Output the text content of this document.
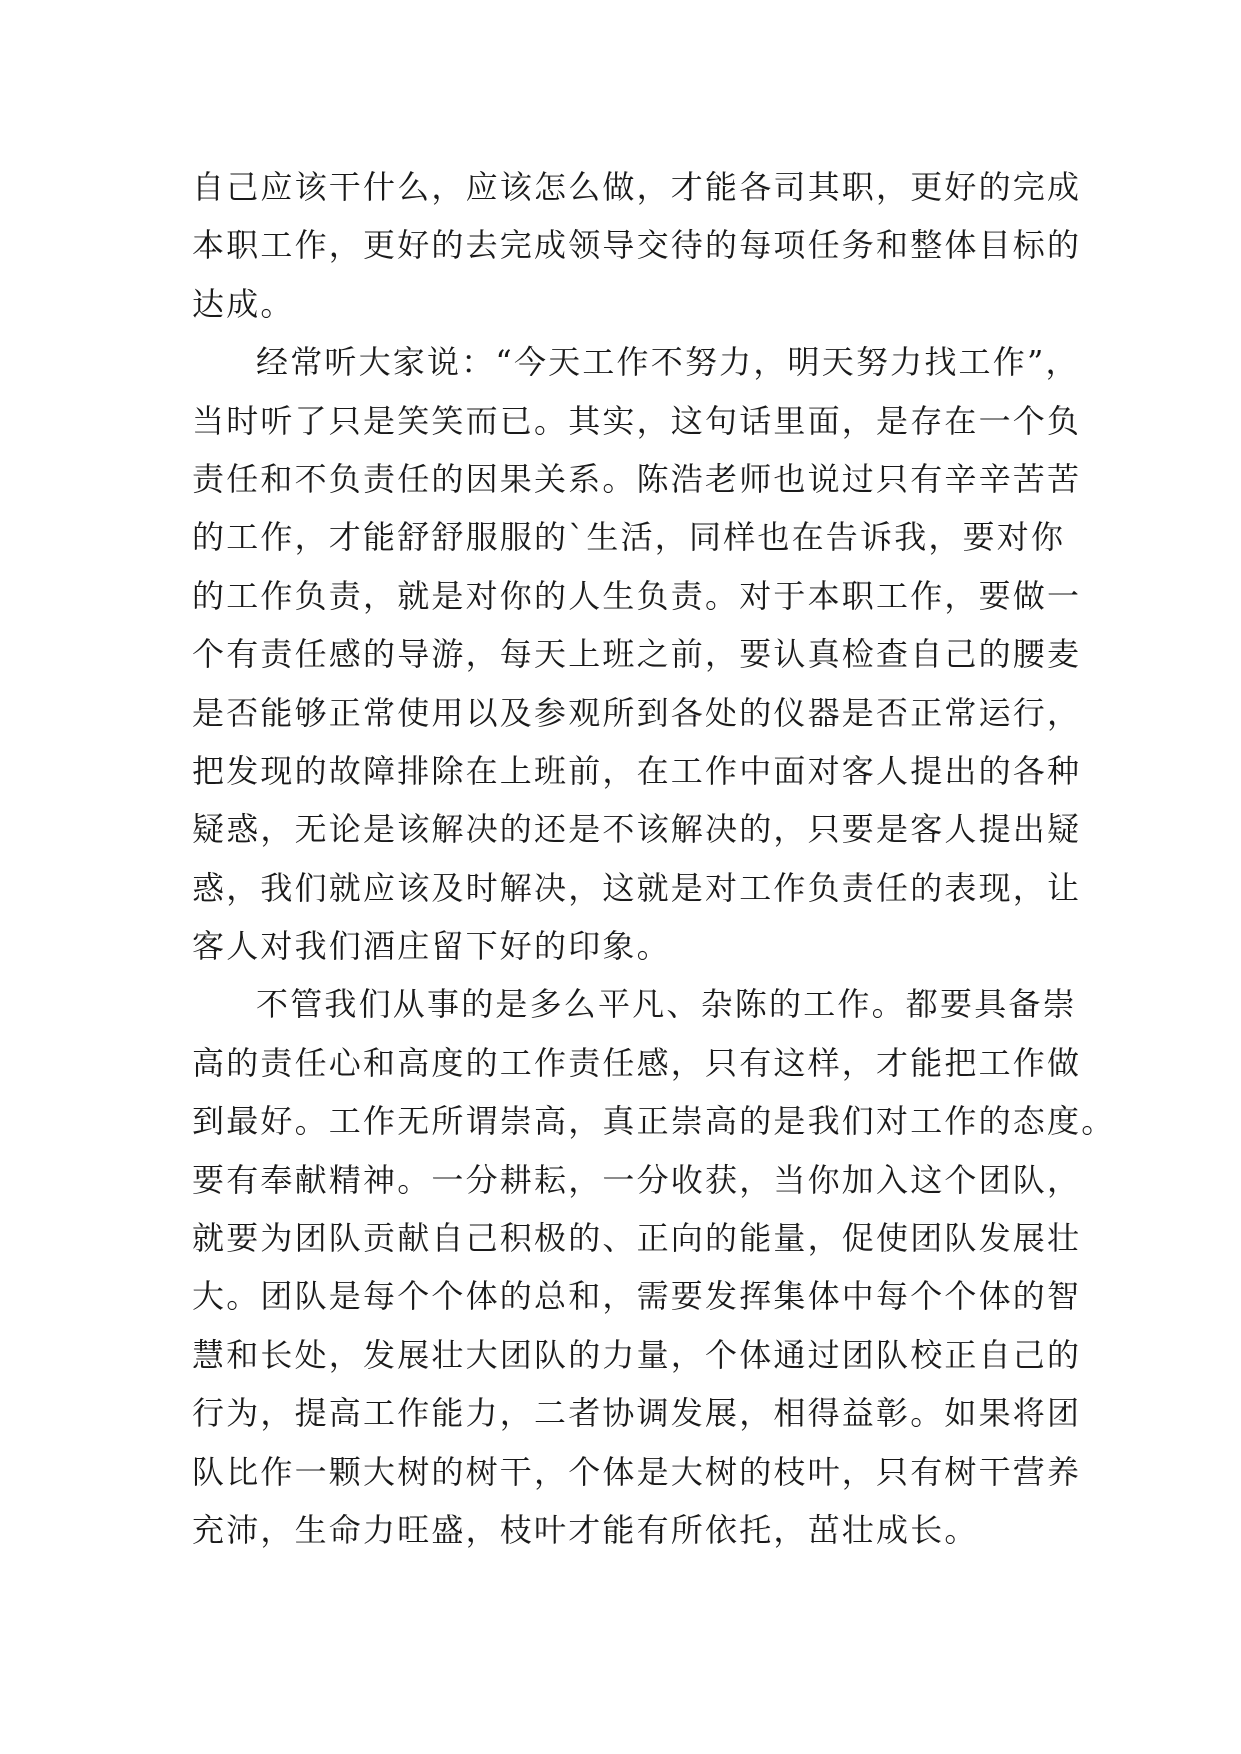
自己应该干什么，应该怎么做，才能各司其职，更好的完成
本职工作，更好的去完成领导交待的每项任务和整体目标的
达成。
经常听大家说：“今天工作不努力，明天努力找工作”，
当时听了只是笑笑而已。其实，这句话里面，是存在一个负
责任和不负责任的因果关系。陈浩老师也说过只有辛辛苦苦
的工作，才能舒舒服服的`生活，同样也在告诉我，要对你
的工作负责，就是对你的人生负责。对于本职工作，要做一
个有责任感的导游，每天上班之前，要认真检查自己的腰麦
是否能够正常使用以及参观所到各处的仪器是否正常运行，
把发现的故障排除在上班前，在工作中面对客人提出的各种
疑惑，无论是该解决的还是不该解决的，只要是客人提出疑
惑，我们就应该及时解决，这就是对工作负责任的表现，让
客人对我们酒庄留下好的印象。
不管我们从事的是多么平凡、杂陈的工作。都要具备崇
高的责任心和高度的工作责任感，只有这样，才能把工作做
到最好。工作无所谓崇高，真正崇高的是我们对工作的态度。
要有奉献精神。一分耕耘，一分收获，当你加入这个团队，
就要为团队贡献自己积极的、正向的能量，促使团队发展壮
大。团队是每个个体的总和，需要发挥集体中每个个体的智
慧和长处，发展壮大团队的力量，个体通过团队校正自己的
行为，提高工作能力，二者协调发展，相得益彰。如果将团
队比作一颗大树的树干，个体是大树的枝叶，只有树干营养
充沛，生命力旺盛，枝叶才能有所依托，茁壮成长。
